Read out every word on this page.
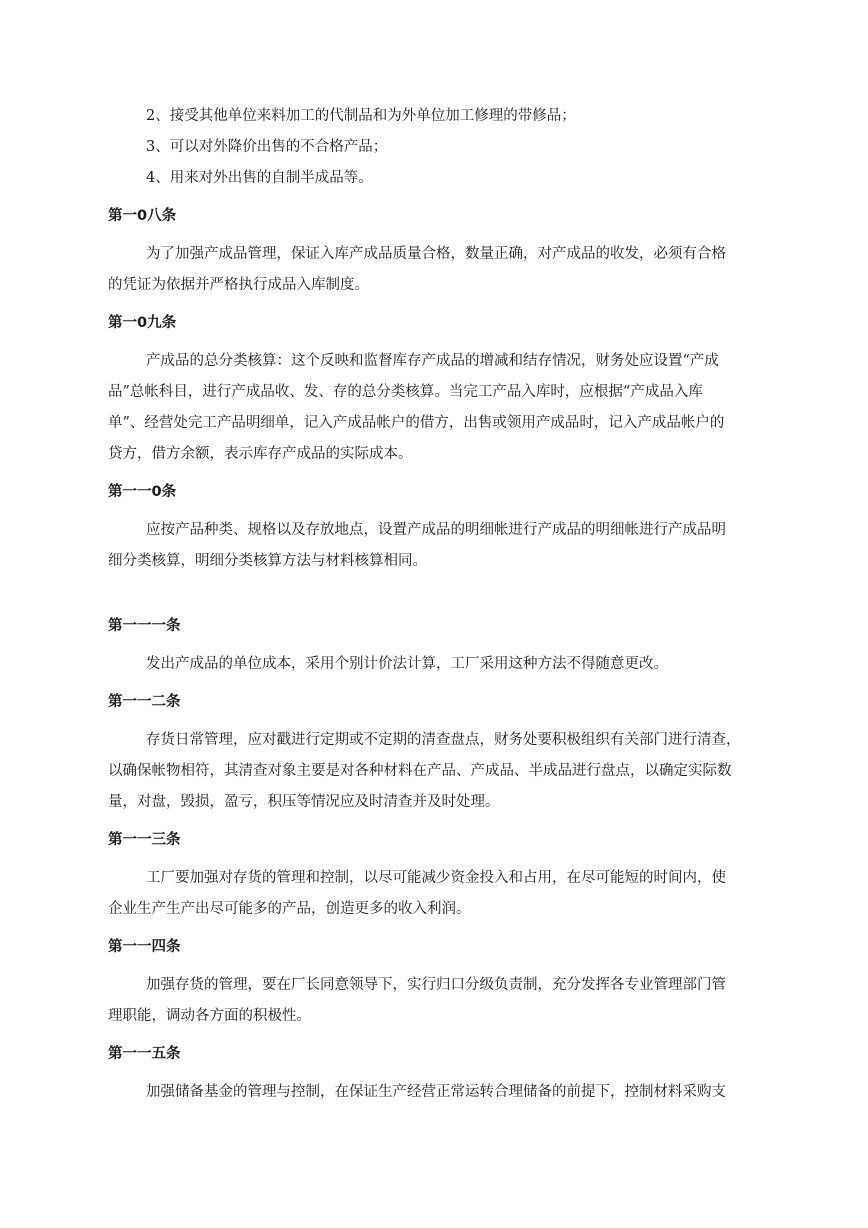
2、接受其他单位来料加工的代制品和为外单位加工修理的带修品；
3、可以对外降价出售的不合格产品；
4、用来对外出售的自制半成品等。
第一0八条
为了加强产成品管理，保证入库产成品质量合格，数量正确，对产成品的收发，必须有合格
的凭证为依据并严格执行成品入库制度。
第一0九条
产成品的总分类核算：这个反映和监督库存产成品的增减和结存情况，财务处应设置“产成
品”总帐科目，进行产成品收、发、存的总分类核算。当完工产品入库时，应根据“产成品入库
单”、经营处完工产品明细单，记入产成品帐户的借方，出售或领用产成品时，记入产成品帐户的
贷方，借方余额，表示库存产成品的实际成本。
第一一0条
应按产品种类、规格以及存放地点，设置产成品的明细帐进行产成品的明细帐进行产成品明
细分类核算，明细分类核算方法与材料核算相同。
第一一一条
发出产成品的单位成本，采用个别计价法计算，工厂采用这种方法不得随意更改。
第一一二条
存货日常管理，应对戳进行定期或不定期的清查盘点，财务处要积极组织有关部门进行清查，
以确保帐物相符，其清查对象主要是对各种材料在产品、产成品、半成品进行盘点，以确定实际数
量，对盘，毁损，盈亏，积压等情况应及时清查并及时处理。
第一一三条
工厂要加强对存货的管理和控制，以尽可能减少资金投入和占用，在尽可能短的时间内，使
企业生产生产出尽可能多的产品，创造更多的收入利润。
第一一四条
加强存货的管理，要在厂长同意领导下，实行归口分级负责制，充分发挥各专业管理部门管
理职能，调动各方面的积极性。
第一一五条
加强储备基金的管理与控制，在保证生产经营正常运转合理储备的前提下，控制材料采购支
